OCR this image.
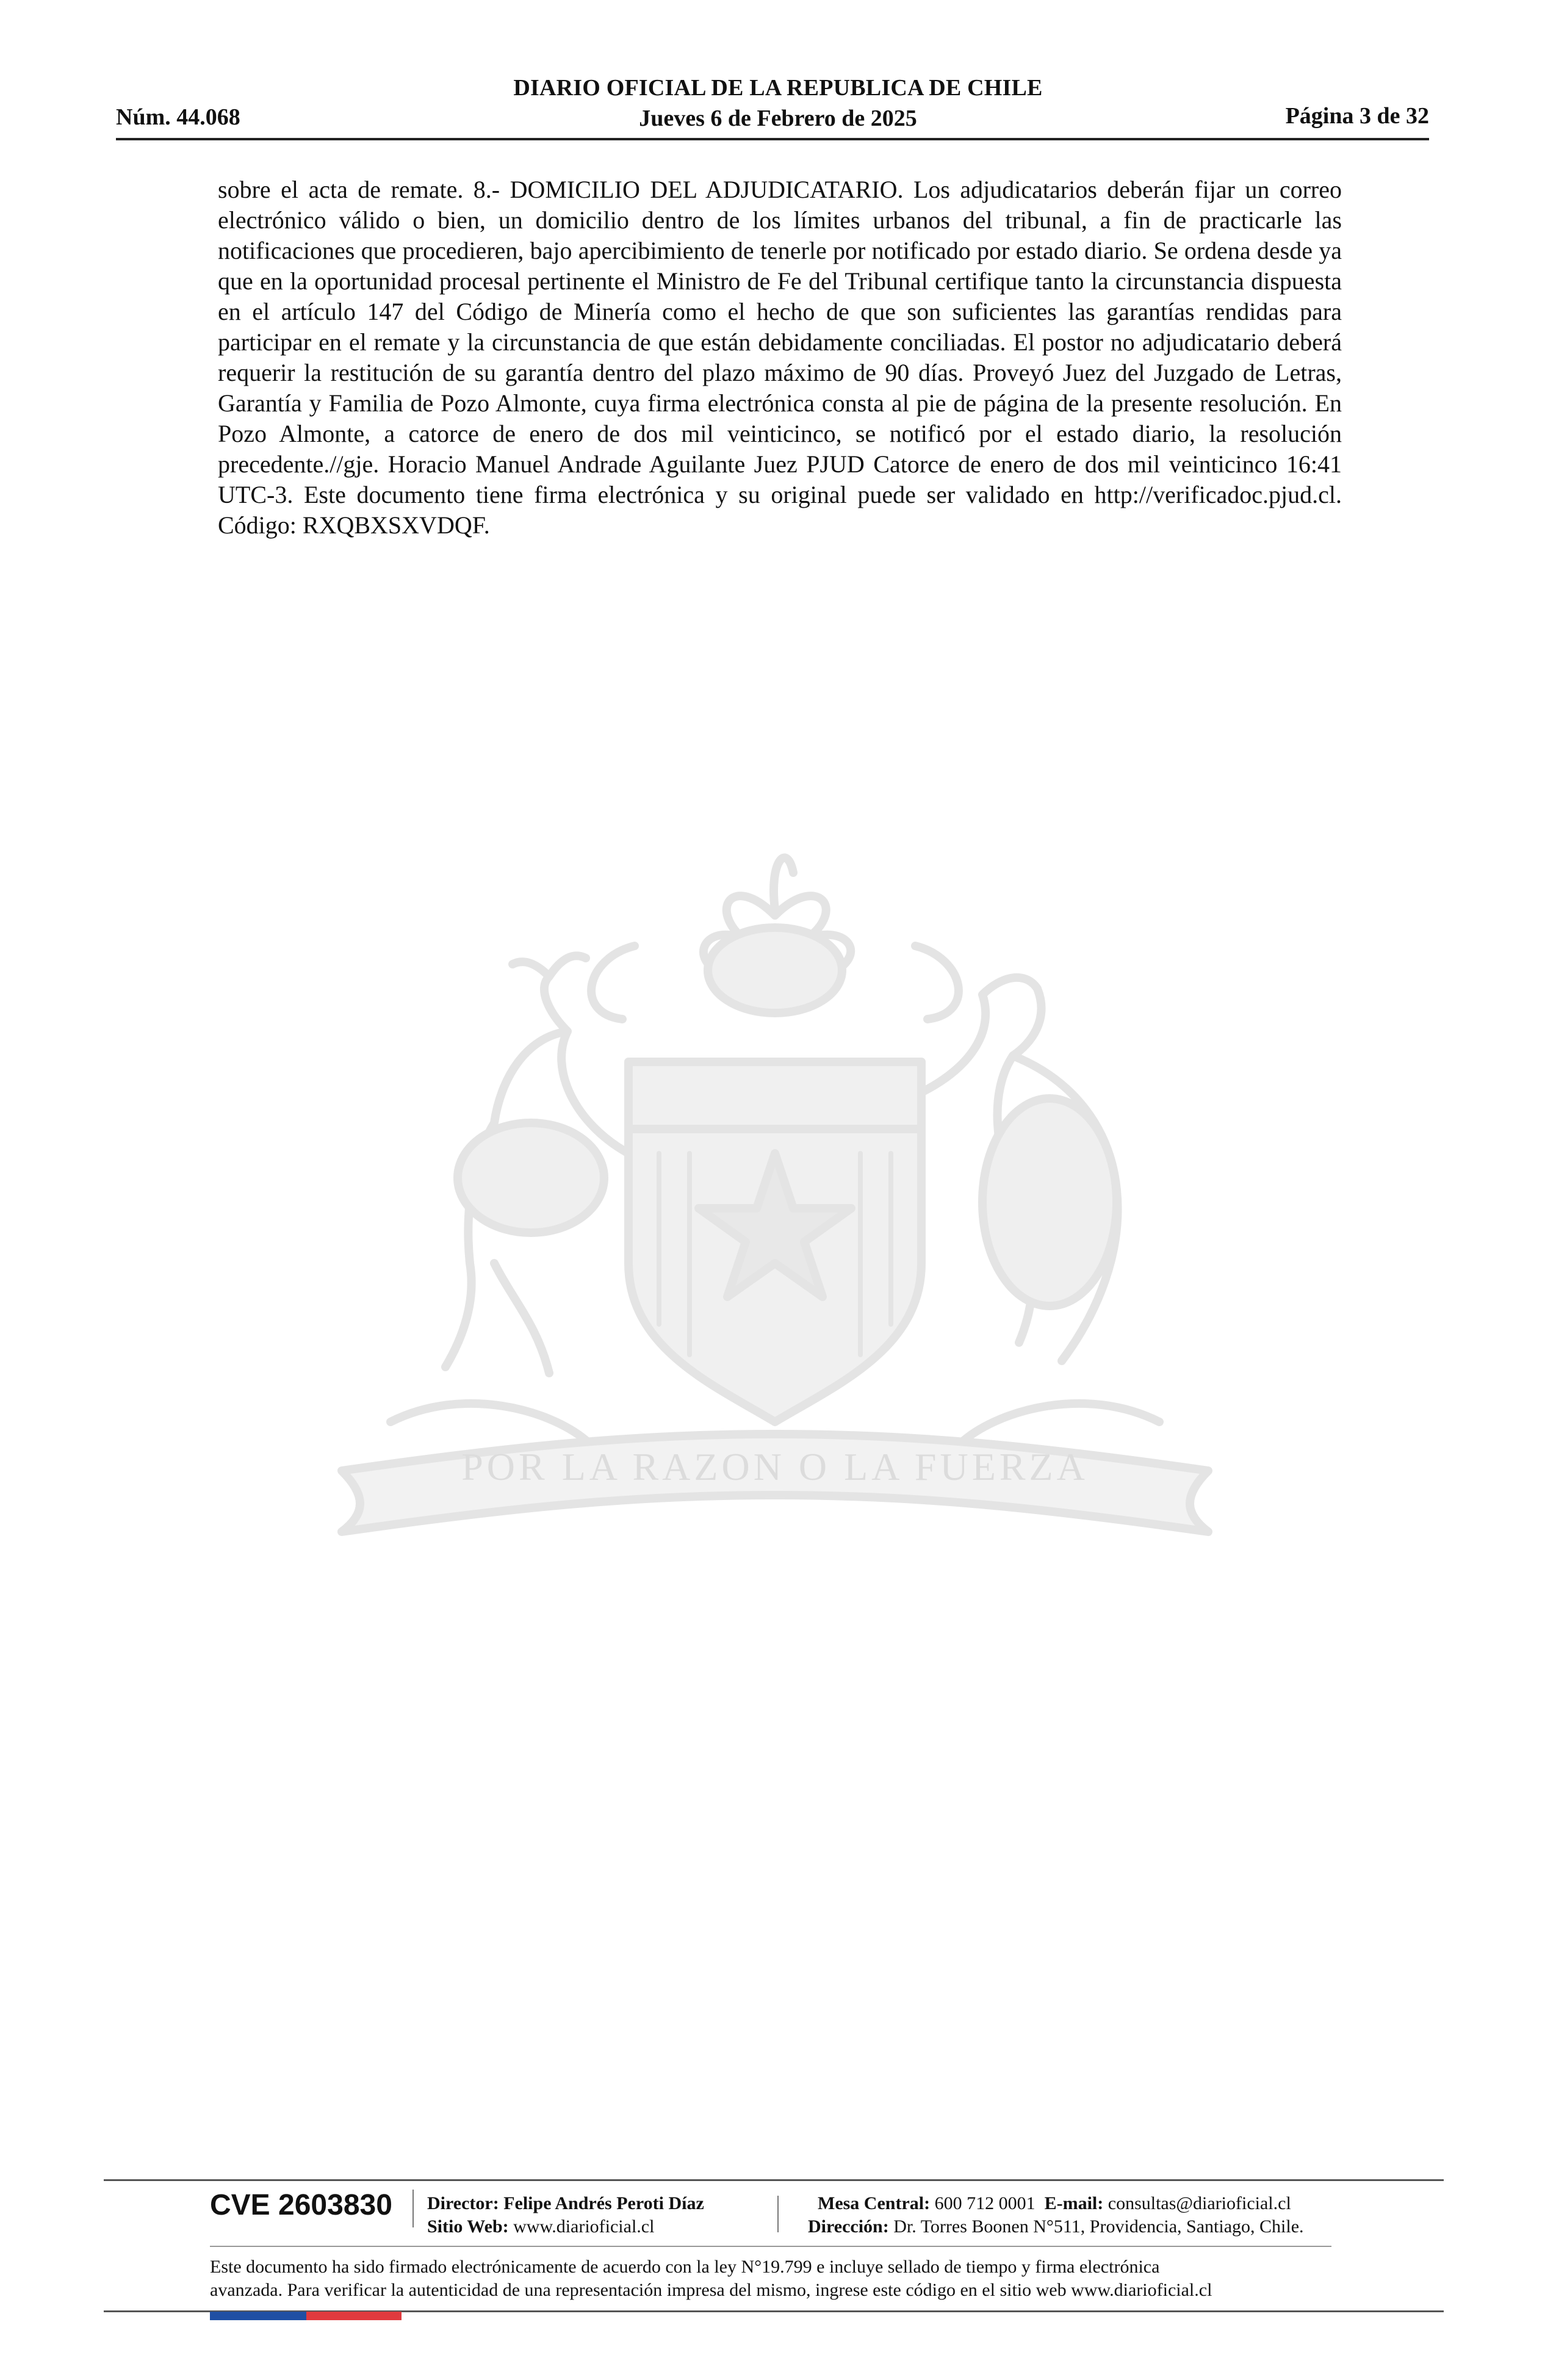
DIARIO OFICIAL DE LA REPUBLICA DE CHILE
Núm. 44.068	Jueves 6 de Febrero de 2025	Página 3 de 32
sobre el acta de remate. 8.- DOMICILIO DEL ADJUDICATARIO. Los adjudicatarios deberán fijar un correo electrónico válido o bien, un domicilio dentro de los límites urbanos del tribunal, a fin de practicarle las notificaciones que procedieren, bajo apercibimiento de tenerle por notificado por estado diario. Se ordena desde ya que en la oportunidad procesal pertinente el Ministro de Fe del Tribunal certifique tanto la circunstancia dispuesta en el artículo 147 del Código de Minería como el hecho de que son suficientes las garantías rendidas para participar en el remate y la circunstancia de que están debidamente conciliadas. El postor no adjudicatario deberá requerir la restitución de su garantía dentro del plazo máximo de 90 días. Proveyó Juez del Juzgado de Letras, Garantía y Familia de Pozo Almonte, cuya firma electrónica consta al pie de página de la presente resolución. En Pozo Almonte, a catorce de enero de dos mil veinticinco, se notificó por el estado diario, la resolución precedente.//gje. Horacio Manuel Andrade Aguilante Juez PJUD Catorce de enero de dos mil veinticinco 16:41 UTC-3. Este documento tiene firma electrónica y su original puede ser validado en http://verificadoc.pjud.cl. Código: RXQBXSXVDQF.
POR LA RAZON O LA FUERZA
CVE 2603830 Director: Felipe Andrés Peroti Díaz
Sitio Web: www.diarioficial.cl
Mesa Central: 600 712 0001 E-mail: consultas@diarioficial.cl
Dirección: Dr. Torres Boonen N°511, Providencia, Santiago, Chile.
Este documento ha sido firmado electrónicamente de acuerdo con la ley N°19.799 e incluye sellado de tiempo y firma electrónica
avanzada. Para verificar la autenticidad de una representación impresa del mismo, ingrese este código en el sitio web www.diarioficial.cl
